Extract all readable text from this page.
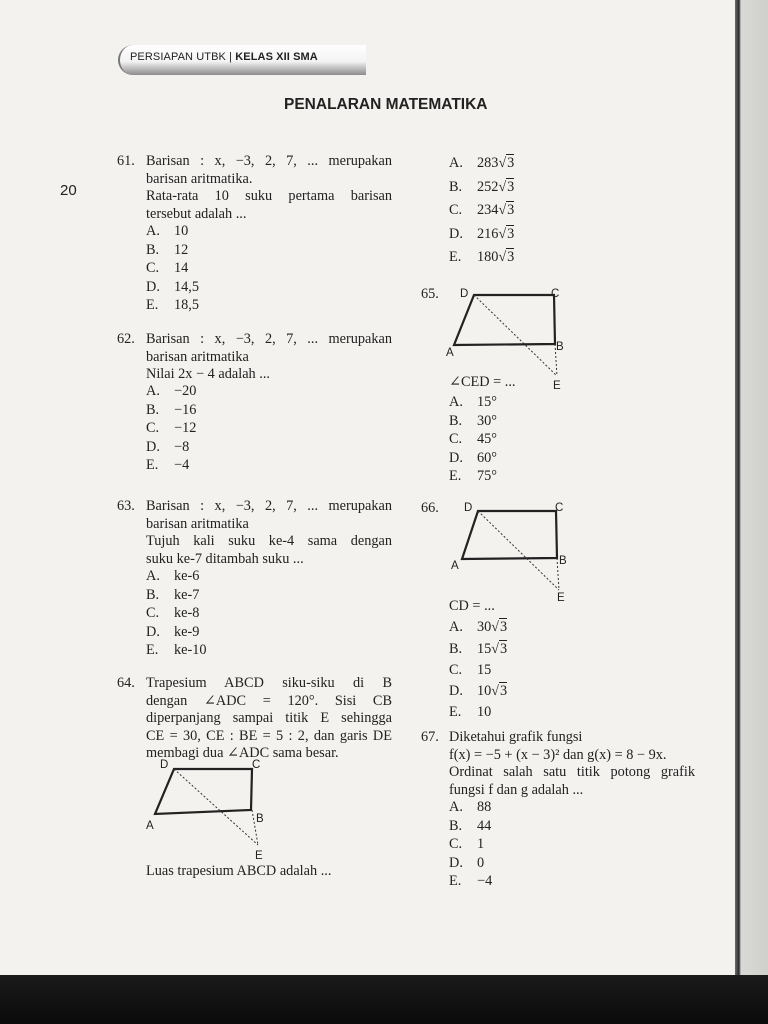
PERSIAPAN UTBK | KELAS XII SMA
20
PENALARAN MATEMATIKA
61. Barisan : x, −3, 2, 7, ... merupakan
barisan aritmatika.
Rata-rata 10 suku pertama barisan
tersebut adalah ...
A. 10
B.	12
C.	14
D. 14,5
E.	18,5
62. Barisan : x, −3, 2, 7, ... merupakan
barisan aritmatika
Nilai 2x − 4 adalah ...
A. −20
B.	−16
C.	−12
D. −8
E.	−4
63. Barisan : x, −3, 2, 7, ... merupakan
barisan aritmatika
Tujuh kali suku ke-4 sama dengan
suku ke-7 ditambah suku ...
A. ke-6
B.	ke-7
C.	ke-8
D. ke-9
E.	ke-10
64. Trapesium ABCD siku-siku di B
dengan ∠ADC = 120°. Sisi CB
diperpanjang sampai titik E sehingga
CE = 30, CE : BE = 5 : 2, dan garis DE
membagi dua ∠ADC sama besar.
D	C
A
B
E
Luas trapesium ABCD adalah ...
A. 283 √3
B.	252 √3
C.	234 √3
D. 216 √3
E.	180 √3
65. D	C
A	B
E
∠CED = ...
A. 15°
B.	30°
C.	45°
D. 60°
E.	75°
66. D	C
A	B
E
CD = ...
A. 30 √3
B.	15 √3
C.	15
D. 10 √3
E.	10
67. Diketahui grafik fungsi
f(x) = −5 + (x − 3)² dan g(x) = 8 − 9x.
Ordinat salah satu titik potong grafik
fungsi f dan g adalah ...
A. 88
B.	44
C.	1
D. 0
E.	−4
